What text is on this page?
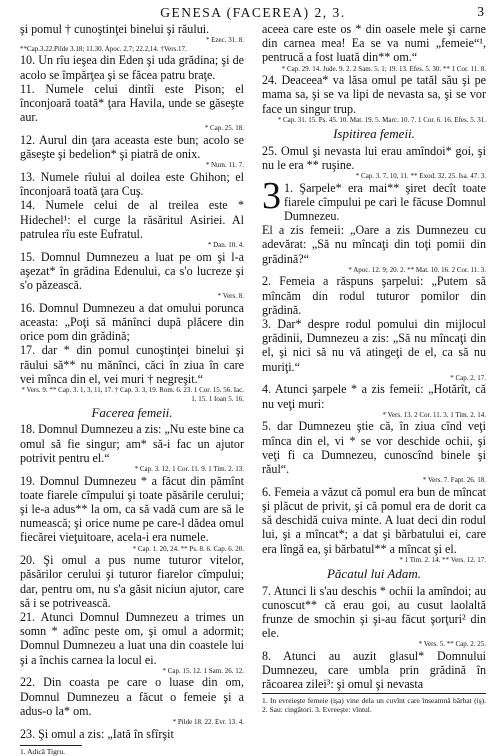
GENESA (FACEREA) 2, 3.	3

şi pomul † cunoştinţei binelui şi răului.

* Ezec. 31. 8.
**Cap.3.22.Pilde 3.18; 11.30. Apoc. 2.7; 22.2,14. †Vers.17.

10. Un rîu ieşea din Eden şi uda grădina; şi de acolo se împărţea şi se făcea patru braţe.

11. Numele celui dintîi este Pison; el înconjoară toată* ţara Havila, unde se găseşte aur.

* Cap. 25. 18.

12. Aurul din ţara aceasta este bun; acolo se găseşte şi bedelion* şi piatră de onix.

* Num. 11. 7.

13. Numele rîului al doilea este Ghihon; el înconjoară toată ţara Cuş.

14. Numele celui de al treilea este * Hidechel¹: el curge la răsăritul Asiriei. Al patrulea rîu este Eufratul.

* Dan. 10. 4.

15. Domnul Dumnezeu a luat pe om şi l-a aşezat* în grădina Edenului, ca s'o lucreze şi s'o păzească.

* Vers. 8.

16. Domnul Dumnezeu a dat omului porunca aceasta: „Poţi să mănînci după plăcere din orice pom din grădină;

17. dar * din pomul cunoştinţei binelui şi răului să** nu mănînci, căci în ziua în care vei mînca din el, vei muri † negreşit.“

* Vers. 9. ** Cap. 3. 1, 3, 11, 17. † Cap. 3. 3, 19. Rom. 6. 23. 1 Cor. 15. 56. Iac. 1. 15. 1 Ioan 5. 16.
Facerea femeii.

18. Domnul Dumnezeu a zis: „Nu este bine ca omul să fie singur; am* să-i fac un ajutor potrivit pentru el.“

* Cap. 3. 12. 1 Cor. 11. 9. 1 Tim. 2. 13.

19. Domnul Dumnezeu * a făcut din pămînt toate fiarele cîmpului şi toate păsările cerului; şi le-a adus** la om, ca să vadă cum are să le numească; şi orice nume pe care-l dădea omul fiecărei vieţuitoare, acela-i era numele.

* Cap. 1. 20, 24. ** Ps. 8. 6. Cap. 6. 20.

20. Şi omul a pus nume tuturor vitelor, păsărilor cerului şi tuturor fiarelor cîmpului; dar, pentru om, nu s'a găsit niciun ajutor, care să i se potrivească.

21. Atunci Domnul Dumnezeu a trimes un somn * adînc peste om, şi omul a adormit; Domnul Dumnezeu a luat una din coastele lui şi a închis carnea la locul ei.

* Cap. 15. 12. 1 Sam. 26. 12.

22. Din coasta pe care o luase din om, Domnul Dumnezeu a făcut o femeie şi a adus-o la* om.

* Pilde 18. 22. Evr. 13. 4.

23. Şi omul a zis: „Iată în sfîrşit

1. Adică Tigru.

aceea care este os * din oasele mele şi carne din carnea mea! Ea se va numi „femeie“¹, pentrucă a fost luată din** om.“

* Cap. 29. 14. Jude. 9. 2. 2 Sam. 5. 1; 19. 13. Efes. 5. 30. ** 1 Cor. 11. 8.

24. Deaceea* va lăsa omul pe tatăl său şi pe mama sa, şi se va lipi de nevasta sa, şi se vor face un singur trup.

* Cap. 31. 15. Ps. 45. 10. Mat. 19. 5. Marc. 10. 7. 1 Cor. 6. 16. Efes. 5. 31.
Ispitirea femeii.

25. Omul şi nevasta lui erau amîndoi* goi, şi nu le era ** ruşine.

* Cap. 3. 7, 10, 11. ** Exod. 32. 25. Isa. 47. 3.

3 1. Şarpele* era mai** şiret decît toate fiarele cîmpului pe cari le făcuse Domnul Dumnezeu.

El a zis femeii: „Oare a zis Dumnezeu cu adevărat: „Să nu mîncaţi din toţi pomii din grădină?“

* Apoc. 12. 9; 20. 2. ** Mat. 10. 16. 2 Cor. 11. 3.

2. Femeia a răspuns şarpelui: „Putem să mîncăm din rodul tuturor pomilor din grădină.

3. Dar* despre rodul pomului din mijlocul grădinii, Dumnezeu a zis: „Să nu mîncaţi din el, şi nici să nu vă atingeţi de el, ca să nu muriţi.“

* Cap. 2. 17.

4. Atunci şarpele * a zis femeii: „Hotărît, că nu veţi muri:

* Vers. 13. 2 Cor. 11. 3. 1 Tim. 2. 14.

5. dar Dumnezeu ştie că, în ziua cînd veţi mînca din el, vi * se vor deschide ochii, şi veţi fi ca Dumnezeu, cunoscînd binele şi răul“.

* Vers. 7. Fapt. 26. 18.

6. Femeia a văzut că pomul era bun de mîncat şi plăcut de privit, şi că pomul era de dorit ca să deschidă cuiva minte. A luat deci din rodul lui, şi a mîncat*; a dat şi bărbatului ei, care era lîngă ea, şi bărbatul** a mîncat şi el.

* 1 Tim. 2. 14. ** Vers. 12. 17.
Păcatul lui Adam.

7. Atunci li s'au deschis * ochii la amîndoi; au cunoscut** că erau goi, au cusut laolaltă frunze de smochin şi şi-au făcut şorţuri² din ele.

* Vers. 5. ** Cap. 2. 25.

8. Atunci au auzit glasul* Domnului Dumnezeu, care umbla prin grădină în răcoarea zilei³: şi omul şi nevasta

1. In evreieşte femeie (işa) vine dela un cuvînt care înseamnă bărbat (iş). 2. Sau: cingători. 3. Evreeşte: vîntul.
